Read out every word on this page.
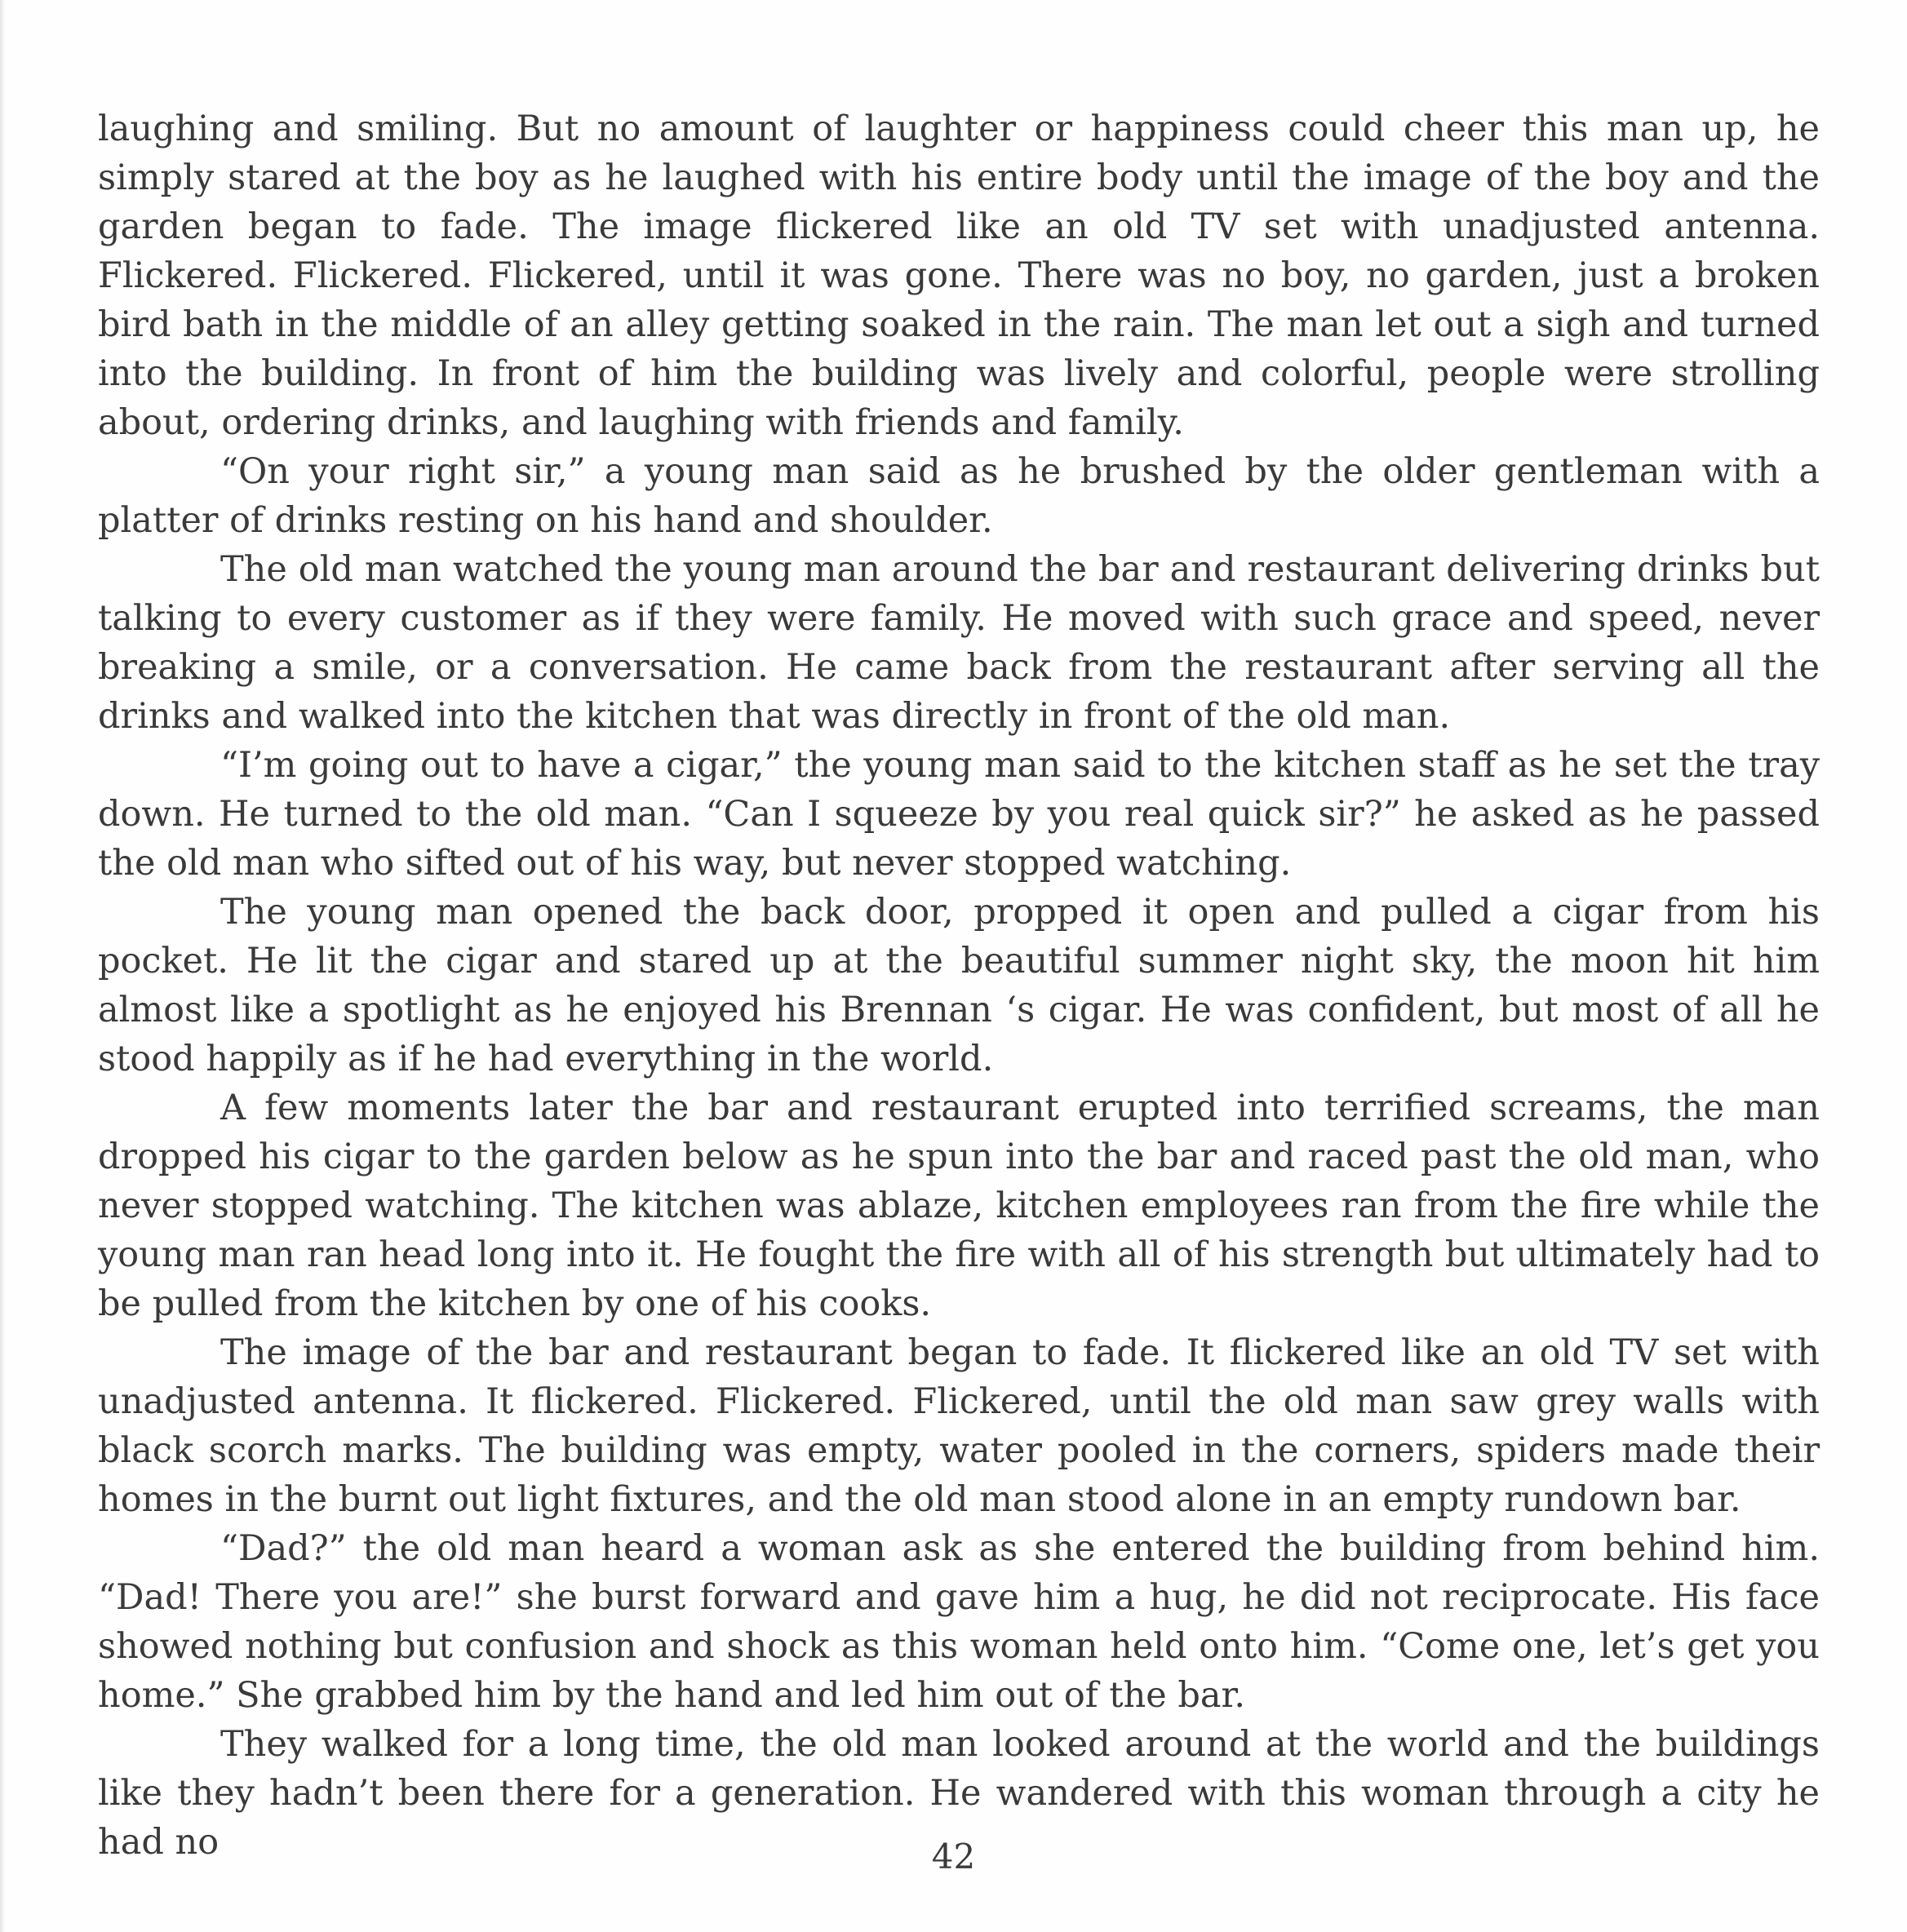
laughing and smiling. But no amount of laughter or happiness could cheer this man up, he simply stared at the boy as he laughed with his entire body until the image of the boy and the garden began to fade. The image flickered like an old TV set with unadjusted antenna. Flickered. Flickered. Flickered, until it was gone. There was no boy, no garden, just a broken bird bath in the middle of an alley getting soaked in the rain. The man let out a sigh and turned into the building. In front of him the building was lively and colorful, people were strolling about, ordering drinks, and laughing with friends and family.

“On your right sir,” a young man said as he brushed by the older gentleman with a platter of drinks resting on his hand and shoulder.

The old man watched the young man around the bar and restaurant delivering drinks but talking to every customer as if they were family. He moved with such grace and speed, never breaking a smile, or a conversation. He came back from the restaurant after serving all the drinks and walked into the kitchen that was directly in front of the old man.

“I’m going out to have a cigar,” the young man said to the kitchen staff as he set the tray down. He turned to the old man. “Can I squeeze by you real quick sir?” he asked as he passed the old man who sifted out of his way, but never stopped watching.

The young man opened the back door, propped it open and pulled a cigar from his pocket. He lit the cigar and stared up at the beautiful summer night sky, the moon hit him almost like a spotlight as he enjoyed his Brennan ‘s cigar. He was confident, but most of all he stood happily as if he had everything in the world.

A few moments later the bar and restaurant erupted into terrified screams, the man dropped his cigar to the garden below as he spun into the bar and raced past the old man, who never stopped watching. The kitchen was ablaze, kitchen employees ran from the fire while the young man ran head long into it. He fought the fire with all of his strength but ultimately had to be pulled from the kitchen by one of his cooks.

The image of the bar and restaurant began to fade. It flickered like an old TV set with unadjusted antenna. It flickered. Flickered. Flickered, until the old man saw grey walls with black scorch marks. The building was empty, water pooled in the corners, spiders made their homes in the burnt out light fixtures, and the old man stood alone in an empty rundown bar.

“Dad?” the old man heard a woman ask as she entered the building from behind him. “Dad! There you are!” she burst forward and gave him a hug, he did not reciprocate. His face showed nothing but confusion and shock as this woman held onto him. “Come one, let’s get you home.” She grabbed him by the hand and led him out of the bar.

They walked for a long time, the old man looked around at the world and the buildings like they hadn’t been there for a generation. He wandered with this woman through a city he had no	42
